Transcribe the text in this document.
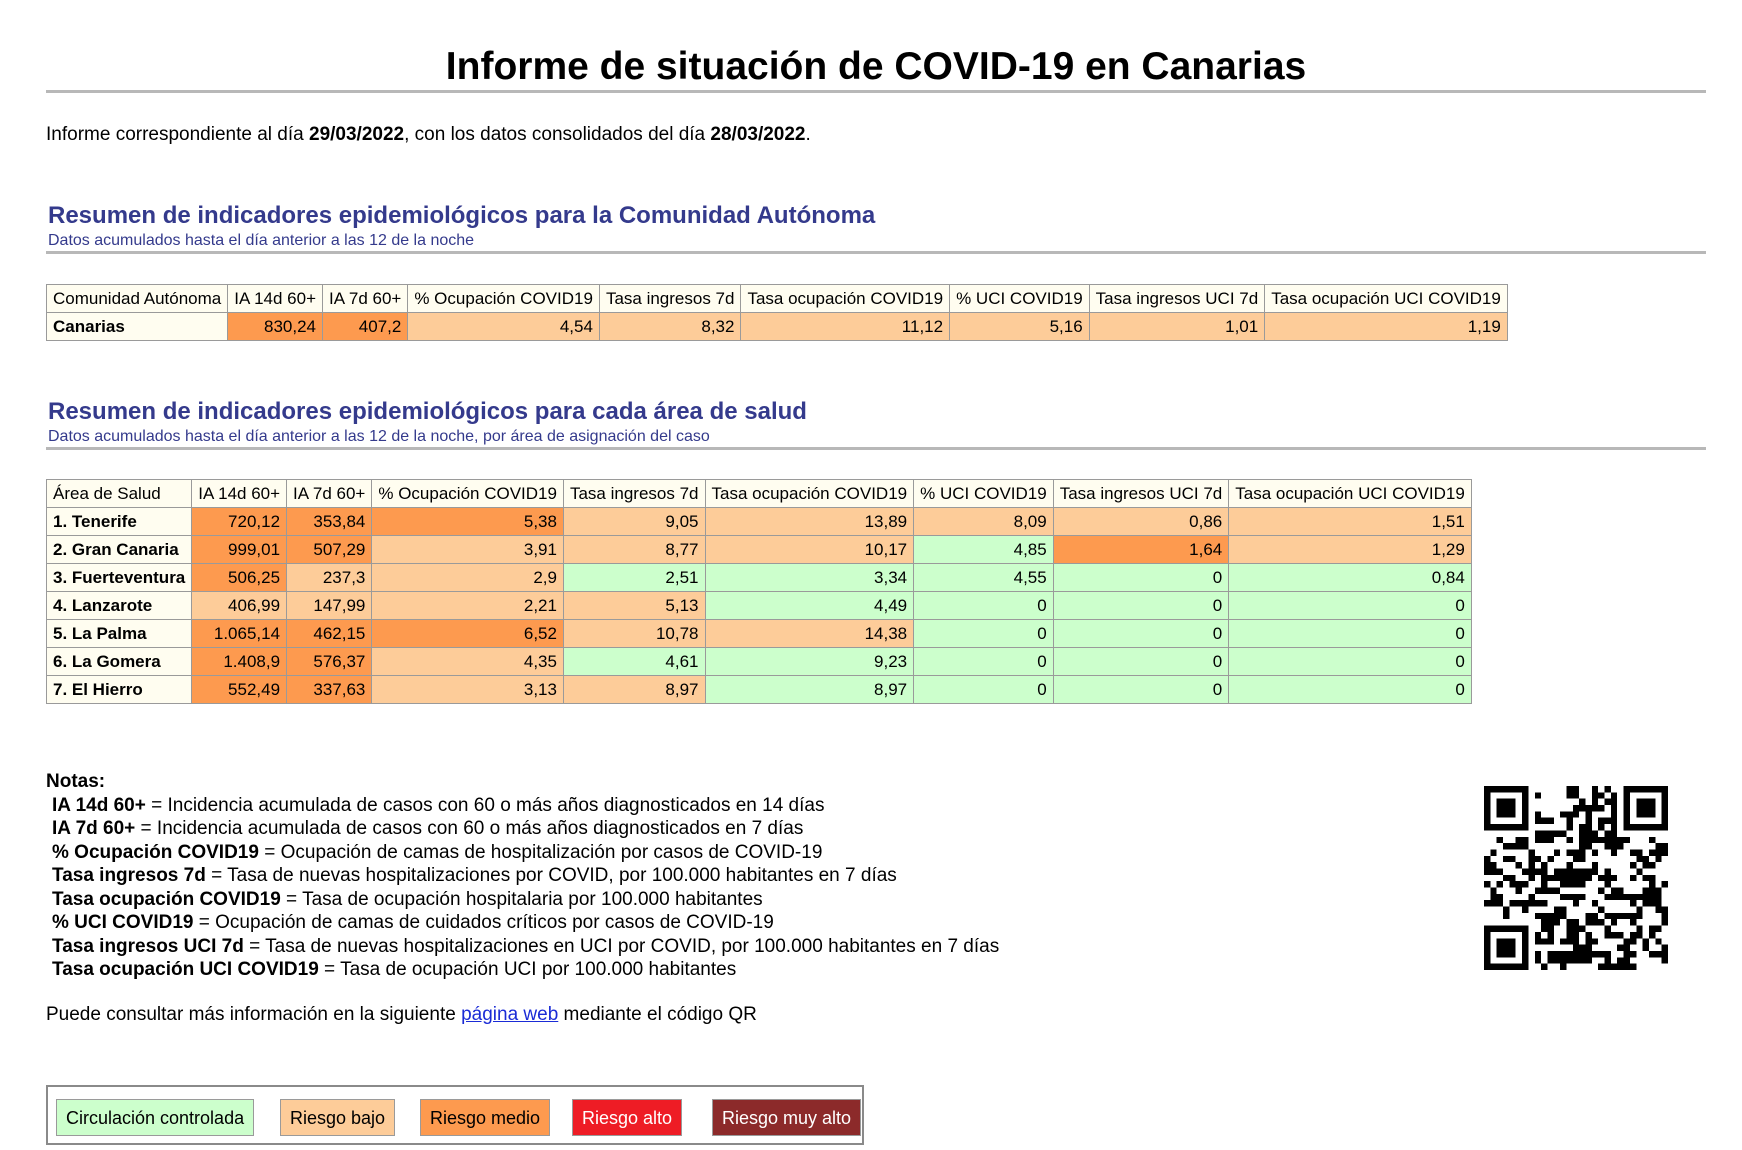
Informe de situación de COVID-19 en Canarias
Informe correspondiente al día 29/03/2022, con los datos consolidados del día 28/03/2022.
Resumen de indicadores epidemiológicos para la Comunidad Autónoma
Datos acumulados hasta el día anterior a las 12 de la noche
Comunidad Autónoma	IA 14d 60+	IA 7d 60+	% Ocupación COVID19	Tasa ingresos 7d	Tasa ocupación COVID19	% UCI COVID19	Tasa ingresos UCI 7d	Tasa ocupación UCI COVID19
Canarias	830,24	407,2	4,54	8,32	11,12	5,16	1,01	1,19
Resumen de indicadores epidemiológicos para cada área de salud
Datos acumulados hasta el día anterior a las 12 de la noche, por área de asignación del caso
Área de Salud	IA 14d 60+	IA 7d 60+	% Ocupación COVID19	Tasa ingresos 7d	Tasa ocupación COVID19	% UCI COVID19	Tasa ingresos UCI 7d	Tasa ocupación UCI COVID19
1. Tenerife	720,12	353,84	5,38	9,05	13,89	8,09	0,86	1,51
2. Gran Canaria	999,01	507,29	3,91	8,77	10,17	4,85	1,64	1,29
3. Fuerteventura	506,25	237,3	2,9	2,51	3,34	4,55	0	0,84
4. Lanzarote	406,99	147,99	2,21	5,13	4,49	0	0	0
5. La Palma	1.065,14	462,15	6,52	10,78	14,38	0	0	0
6. La Gomera	1.408,9	576,37	4,35	4,61	9,23	0	0	0
7. El Hierro	552,49	337,63	3,13	8,97	8,97	0	0	0
Notas:
IA 14d 60+ = Incidencia acumulada de casos con 60 o más años diagnosticados en 14 días
IA 7d 60+ = Incidencia acumulada de casos con 60 o más años diagnosticados en 7 días
% Ocupación COVID19 = Ocupación de camas de hospitalización por casos de COVID-19
Tasa ingresos 7d = Tasa de nuevas hospitalizaciones por COVID, por 100.000 habitantes en 7 días
Tasa ocupación COVID19 = Tasa de ocupación hospitalaria por 100.000 habitantes
% UCI COVID19 = Ocupación de camas de cuidados críticos por casos de COVID-19
Tasa ingresos UCI 7d = Tasa de nuevas hospitalizaciones en UCI por COVID, por 100.000 habitantes en 7 días
Tasa ocupación UCI COVID19 = Tasa de ocupación UCI por 100.000 habitantes
Puede consultar más información en la siguiente página web mediante el código QR
Circulación controlada	Riesgo bajo	Riesgo medio	Riesgo alto	Riesgo muy alto
